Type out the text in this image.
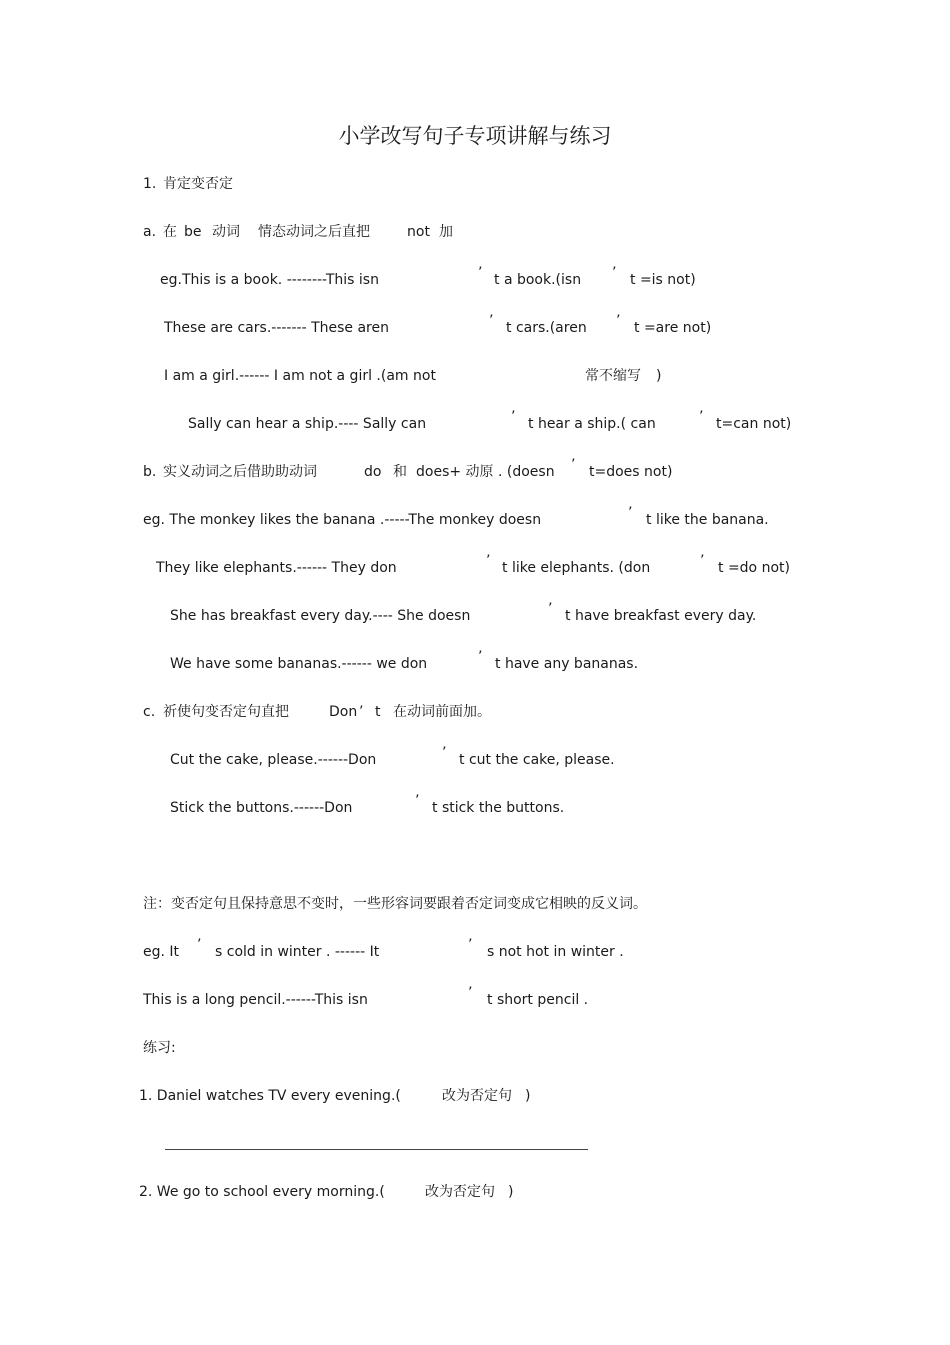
小学改写句子专项讲解与练习
1. 肯定变否定
a. 在 be 动词 情态动词之后直把	not 加
eg.This is a book. --------This isn	’ t a book.(isn ’ t =is not)
These are cars.------- These aren	’ t cars.(aren ’ t =are not)
I am a girl.------ I am not a girl .(am not	常不缩写 )
Sally can hear a ship.---- Sally can	’ t hear a ship.( can	’ t=can not)
b. 实义动词之后借助助动词	do 和 does+ 动原 . (doesn ’ t=does not)
eg. The monkey likes the banana .-----The monkey doesn	’ t like the banana.
They like elephants.------ They don	’ t like elephants. (don	’ t =do not)
She has breakfast every day.---- She doesn	’ t have breakfast every day.
We have some bananas.------ we don	’ t have any bananas.
c. 祈使句变否定句直把	Don ’ t 在动词前面加。
Cut the cake, please.------Don	’ t cut the cake, please.
Stick the buttons.------Don	’ t stick the buttons.
注：变否定句且保持意思不变时，一些形容词要跟着否定词变成它相映的反义词。
eg. It ’ s cold in winter . ------ It	’ s not hot in winter .
This is a long pencil.------This isn	’ t short pencil .
练习:
1. Daniel watches TV every evening.(	改为否定句 )
2. We go to school every morning.(	改为否定句 )
